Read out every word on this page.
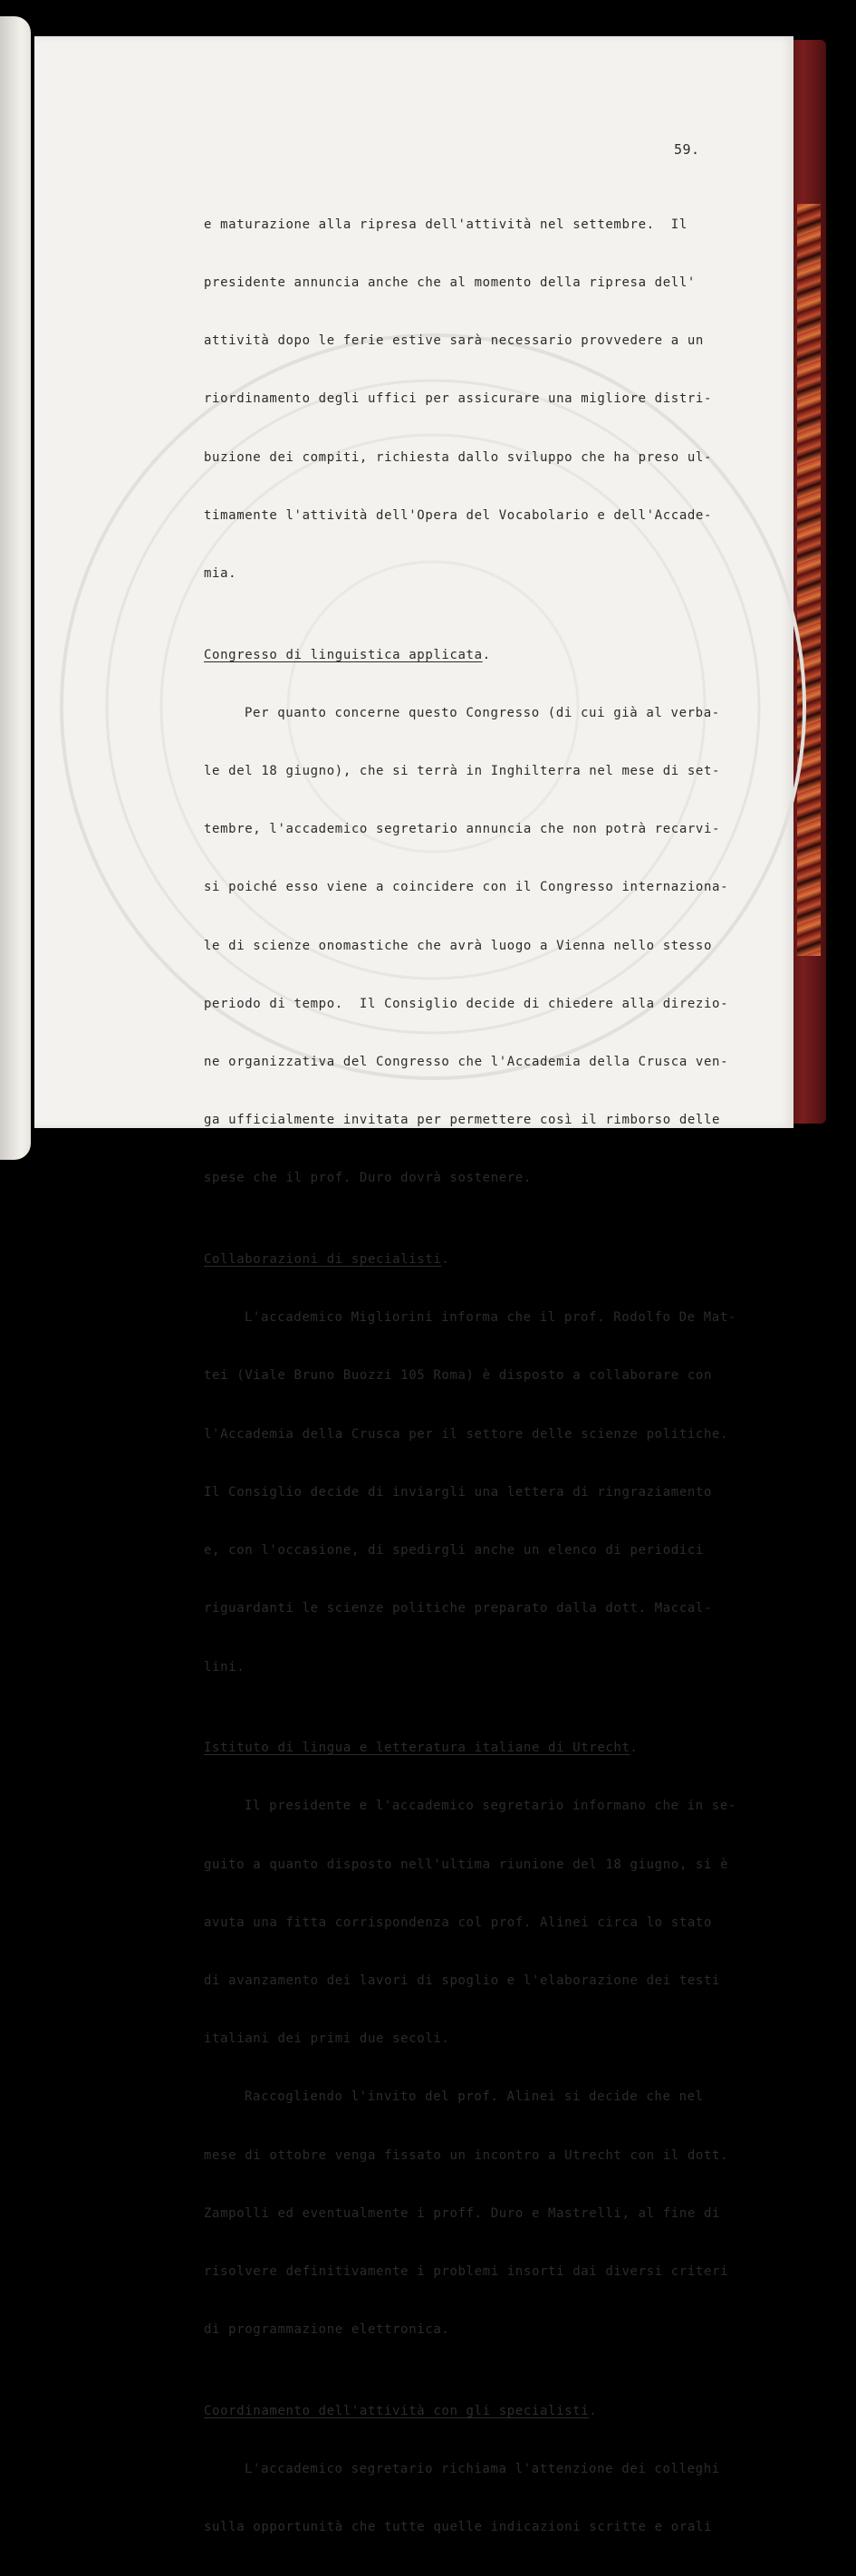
59.

e maturazione alla ripresa dell'attività nel settembre.  Il

presidente annuncia anche che al momento della ripresa dell'

attività dopo le ferie estive sarà necessario provvedere a un

riordinamento degli uffici per assicurare una migliore distri-

buzione dei compiti, richiesta dallo sviluppo che ha preso ul-

timamente l'attività dell'Opera del Vocabolario e dell'Accade-

mia.

Congresso di linguistica applicata.

Per quanto concerne questo Congresso (di cui già al verba-

le del 18 giugno), che si terrà in Inghilterra nel mese di set-

tembre, l'accademico segretario annuncia che non potrà recarvi-

si poiché esso viene a coincidere con il Congresso internaziona-

le di scienze onomastiche che avrà luogo a Vienna nello stesso

periodo di tempo.  Il Consiglio decide di chiedere alla direzio-

ne organizzativa del Congresso che l'Accademia della Crusca ven-

ga ufficialmente invitata per permettere così il rimborso delle

spese che il prof. Duro dovrà sostenere.

Collaborazioni di specialisti.

L'accademico Migliorini informa che il prof. Rodolfo De Mat-

tei (Viale Bruno Buozzi 105 Roma) è disposto a collaborare con

l'Accademia della Crusca per il settore delle scienze politiche.

Il Consiglio decide di inviargli una lettera di ringraziamento

e, con l'occasione, di spedirgli anche un elenco di periodici

riguardanti le scienze politiche preparato dalla dott. Maccal-

lini.

Istituto di lingua e letteratura italiane di Utrecht.

Il presidente e l'accademico segretario informano che in se-

guito a quanto disposto nell'ultima riunione del 18 giugno, si è

avuta una fitta corrispondenza col prof. Alinei circa lo stato

di avanzamento dei lavori di spoglio e l'elaborazione dei testi

italiani dei primi due secoli.

Raccogliendo l'invito del prof. Alinei si decide che nel

mese di ottobre venga fissato un incontro a Utrecht con il dott.

Zampolli ed eventualmente i proff. Duro e Mastrelli, al fine di

risolvere definitivamente i problemi insorti dai diversi criteri

di programmazione elettronica.

Coordinamento dell'attività con gli specialisti.

L'accademico segretario richiama l'attenzione dei colleghi

sulla opportunità che tutte quelle indicazioni scritte e orali
